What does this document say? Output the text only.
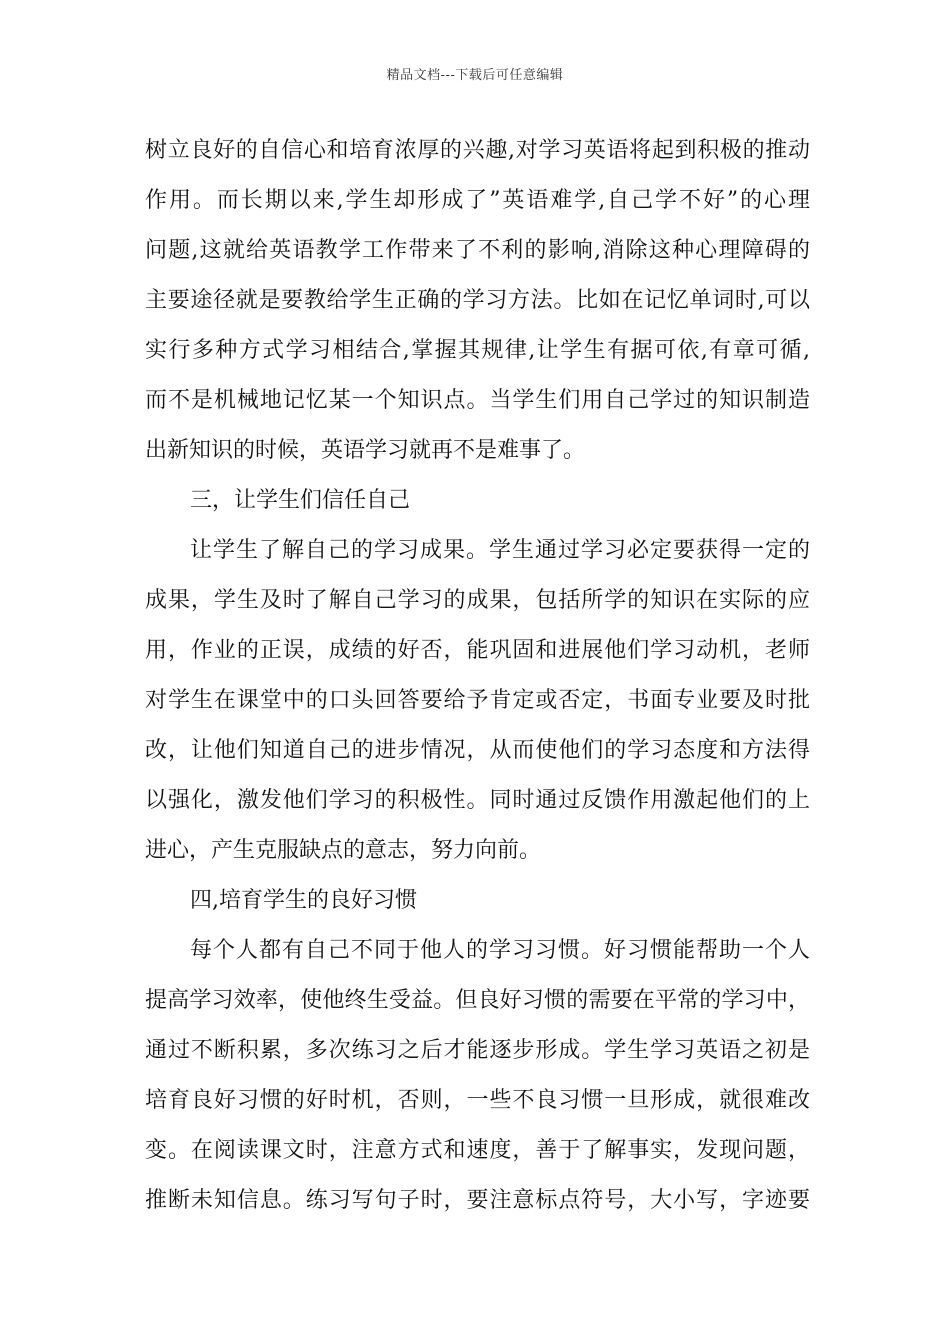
精品文档---下载后可任意编辑
树立良好的自信心和培育浓厚的兴趣,对学习英语将起到积极的推动
作用。而长期以来,学生却形成了”英语难学,自己学不好”的心理
问题,这就给英语教学工作带来了不利的影响,消除这种心理障碍的
主要途径就是要教给学生正确的学习方法。比如在记忆单词时,可以
实行多种方式学习相结合,掌握其规律,让学生有据可依,有章可循,
而不是机械地记忆某一个知识点。当学生们用自己学过的知识制造
出新知识的时候，英语学习就再不是难事了。
三，让学生们信任自己
让学生了解自己的学习成果。学生通过学习必定要获得一定的
成果，学生及时了解自己学习的成果，包括所学的知识在实际的应
用，作业的正误，成绩的好否，能巩固和进展他们学习动机，老师
对学生在课堂中的口头回答要给予肯定或否定，书面专业要及时批
改，让他们知道自己的进步情况，从而使他们的学习态度和方法得
以强化，激发他们学习的积极性。同时通过反馈作用激起他们的上
进心，产生克服缺点的意志，努力向前。
四,培育学生的良好习惯
每个人都有自己不同于他人的学习习惯。好习惯能帮助一个人
提高学习效率，使他终生受益。但良好习惯的需要在平常的学习中，
通过不断积累，多次练习之后才能逐步形成。学生学习英语之初是
培育良好习惯的好时机，否则，一些不良习惯一旦形成，就很难改
变。在阅读课文时，注意方式和速度，善于了解事实，发现问题，
推断未知信息。练习写句子时，要注意标点符号，大小写，字迹要
